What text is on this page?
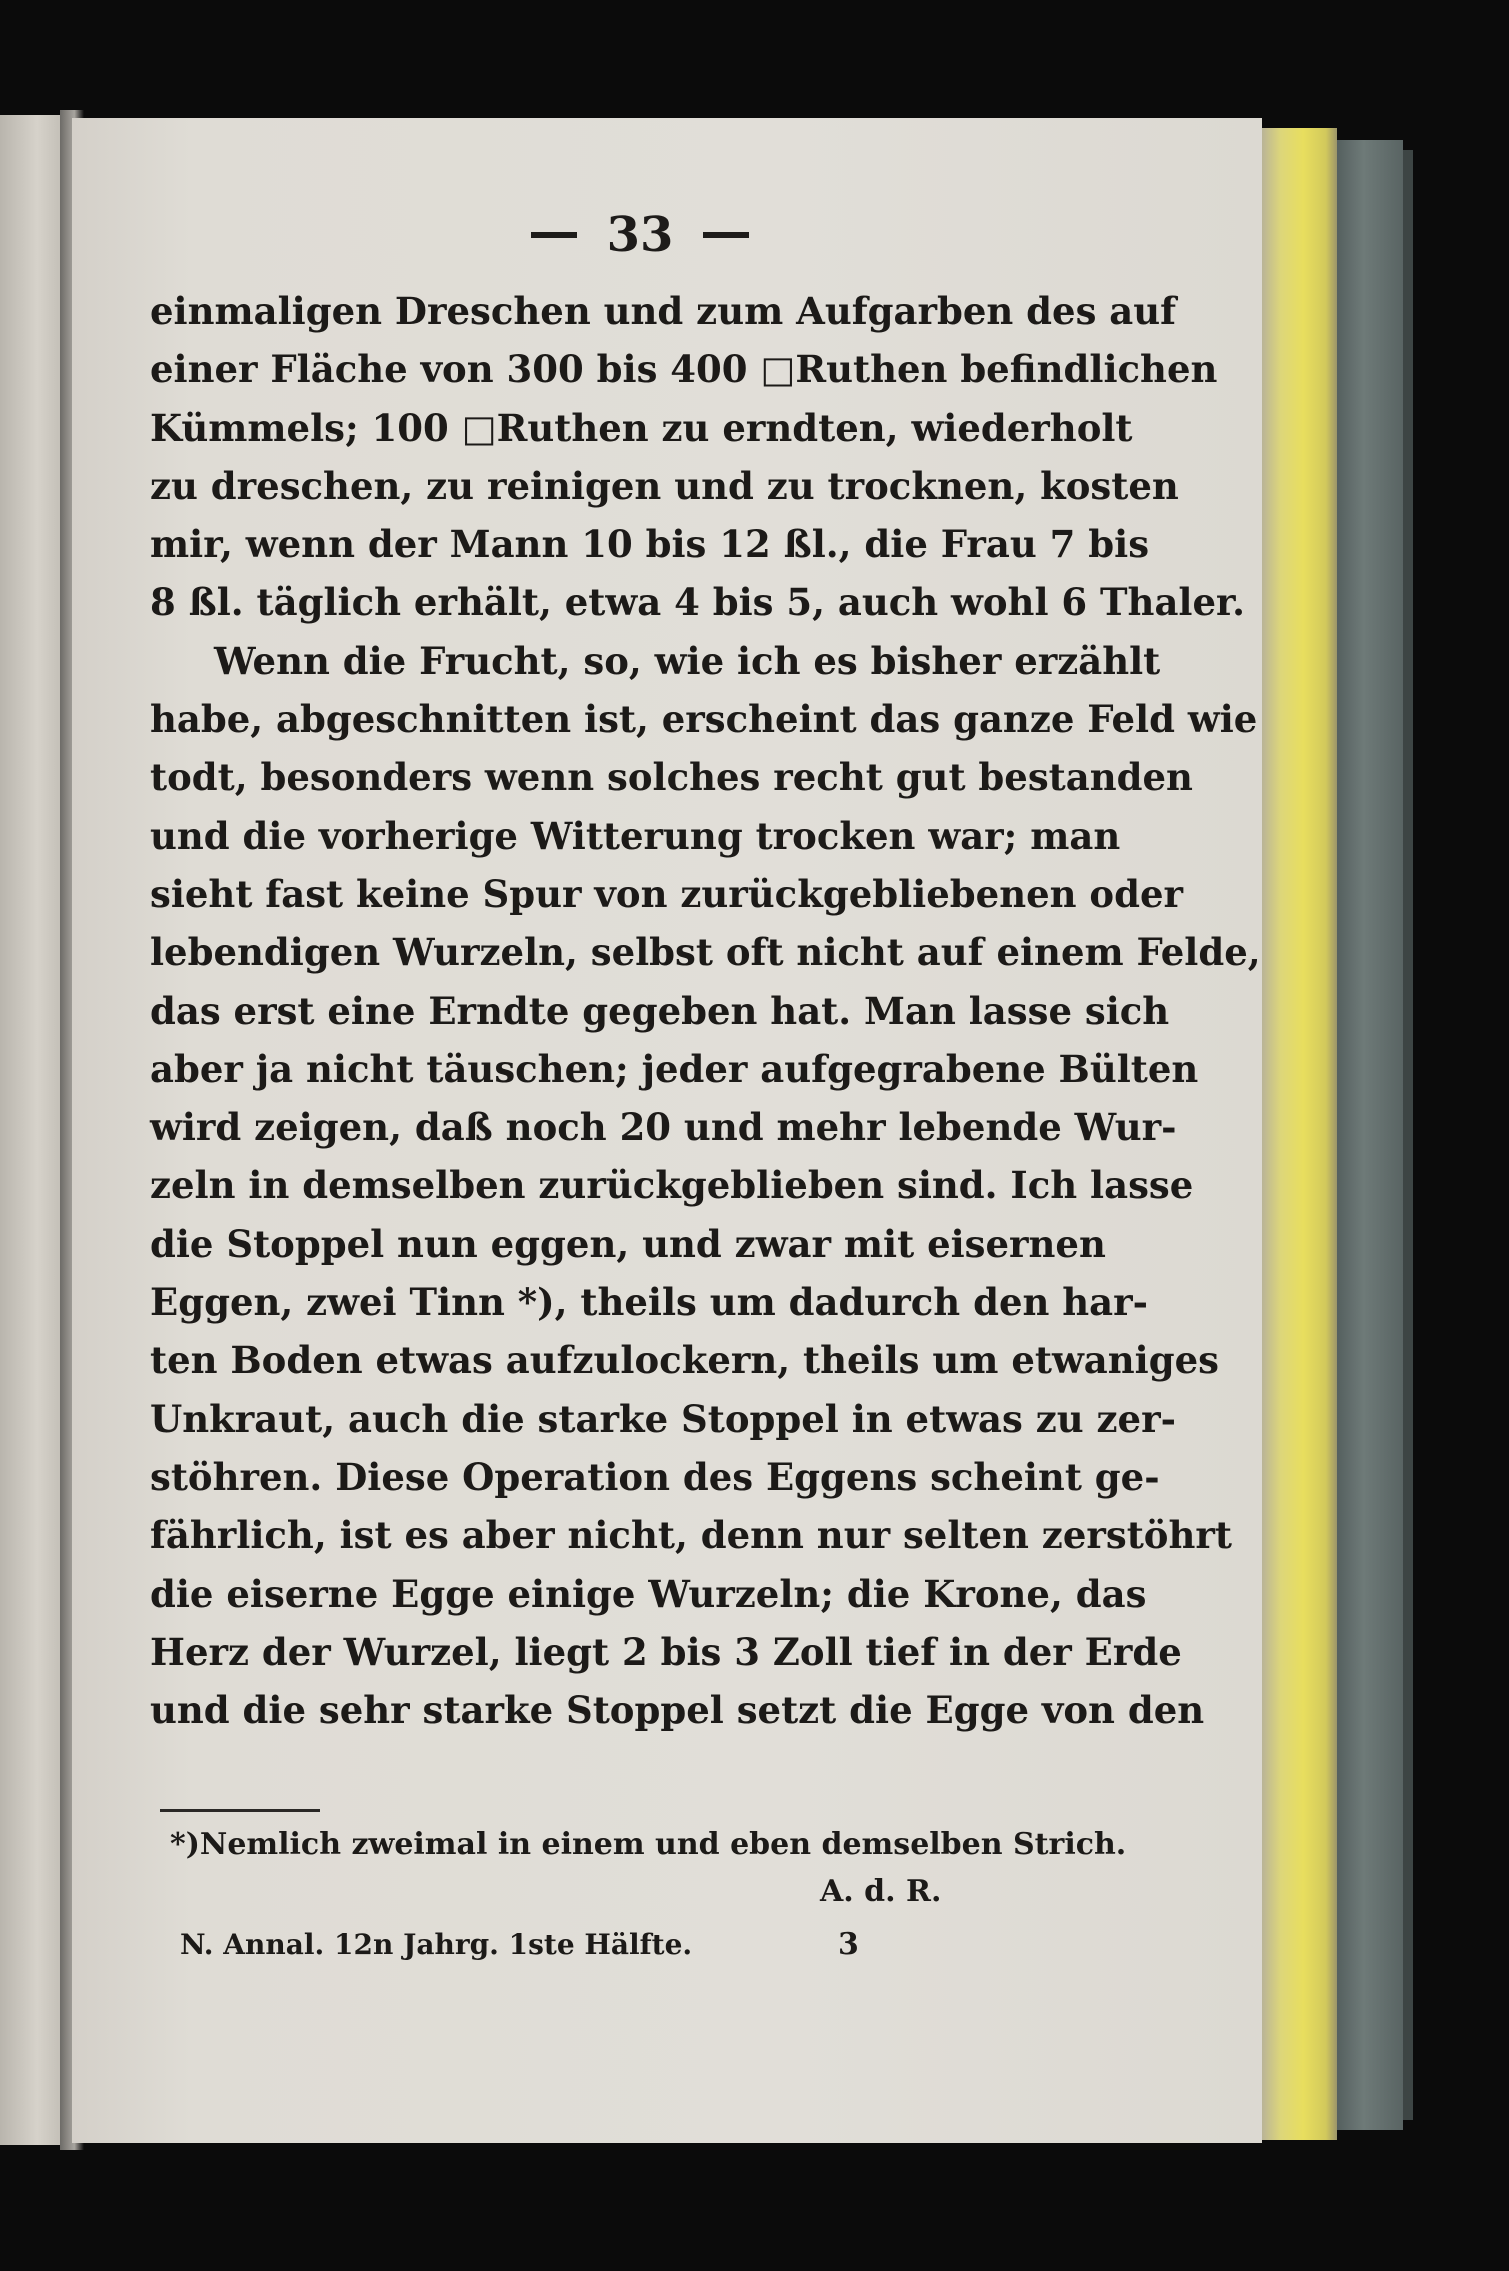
33
einmaligen Dreschen und zum Aufgarben des auf
einer Fläche von 300 bis 400 □Ruthen befindlichen
Kümmels; 100 □Ruthen zu erndten, wiederholt
zu dreschen, zu reinigen und zu trocknen, kosten
mir, wenn der Mann 10 bis 12 ßl., die Frau 7 bis
8 ßl. täglich erhält, etwa 4 bis 5, auch wohl 6 Thaler.
Wenn die Frucht, so, wie ich es bisher erzählt
habe, abgeschnitten ist, erscheint das ganze Feld wie
todt, besonders wenn solches recht gut bestanden
und die vorherige Witterung trocken war; man
sieht fast keine Spur von zurückgebliebenen oder
lebendigen Wurzeln, selbst oft nicht auf einem Felde,
das erst eine Erndte gegeben hat. Man lasse sich
aber ja nicht täuschen; jeder aufgegrabene Bülten
wird zeigen, daß noch 20 und mehr lebende Wur-
zeln in demselben zurückgeblieben sind. Ich lasse
die Stoppel nun eggen, und zwar mit eisernen
Eggen, zwei Tinn *), theils um dadurch den har-
ten Boden etwas aufzulockern, theils um etwaniges
Unkraut, auch die starke Stoppel in etwas zu zer-
stöhren. Diese Operation des Eggens scheint ge-
fährlich, ist es aber nicht, denn nur selten zerstöhrt
die eiserne Egge einige Wurzeln; die Krone, das
Herz der Wurzel, liegt 2 bis 3 Zoll tief in der Erde
und die sehr starke Stoppel setzt die Egge von den
*) Nemlich zweimal in einem und eben demselben Strich.
A. d. R.
N. Annal. 12n Jahrg. 1ste Hälfte.	3
